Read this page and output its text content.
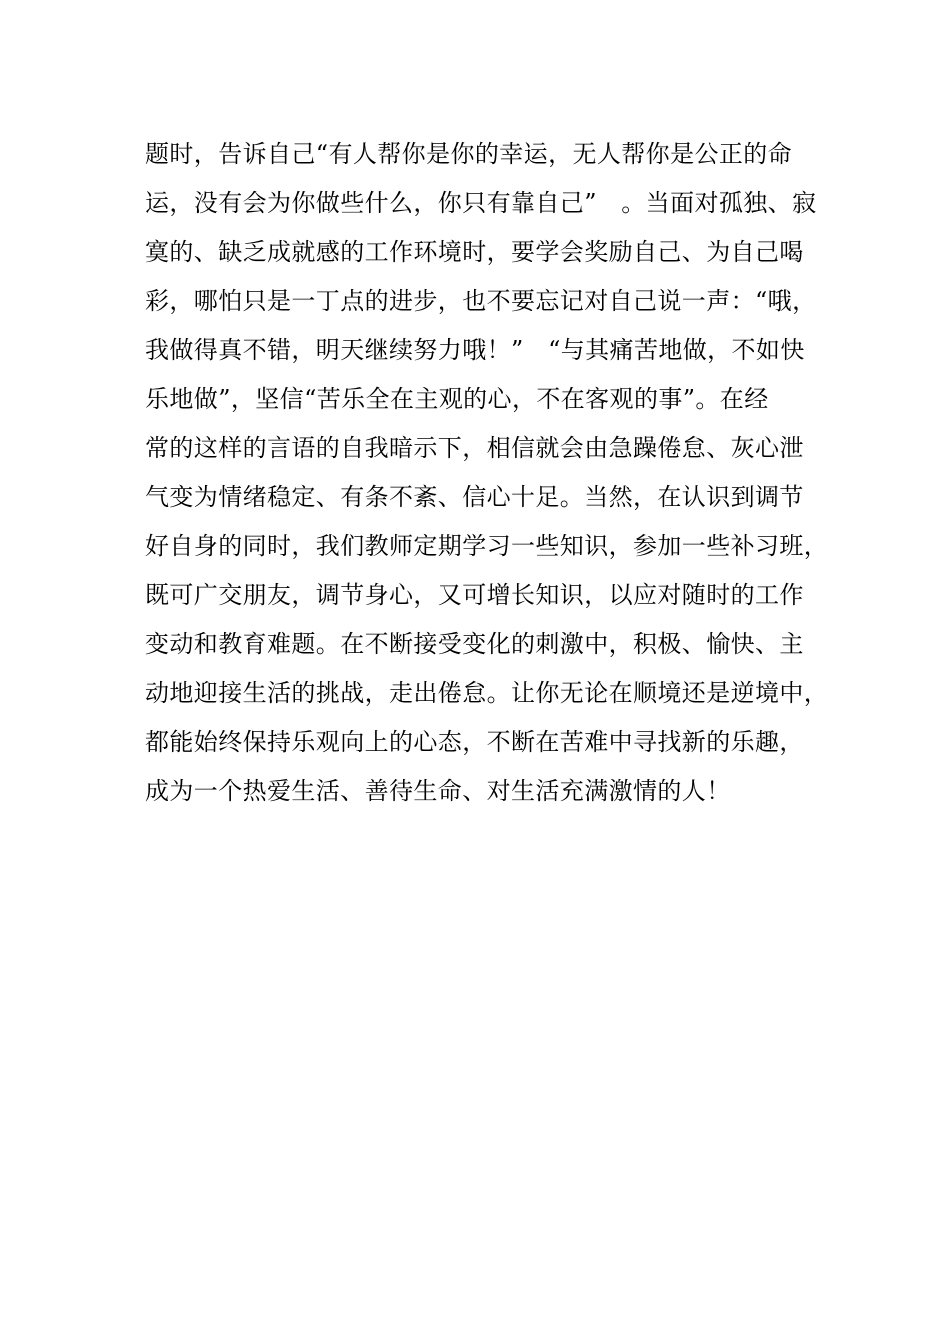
题时，告诉自己“有人帮你是你的幸运，无人帮你是公正的命
运，没有会为你做些什么，你只有靠自己”　。当面对孤独、寂
寞的、缺乏成就感的工作环境时，要学会奖励自己、为自己喝
彩，哪怕只是一丁点的进步，也不要忘记对自己说一声：“哦，
我做得真不错，明天继续努力哦！”　“与其痛苦地做，不如快
乐地做”，坚信“苦乐全在主观的心，不在客观的事”。在经
常的这样的言语的自我暗示下，相信就会由急躁倦怠、灰心泄
气变为情绪稳定、有条不紊、信心十足。当然，在认识到调节
好自身的同时，我们教师定期学习一些知识，参加一些补习班，
既可广交朋友，调节身心，又可增长知识，以应对随时的工作
变动和教育难题。在不断接受变化的刺激中，积极、愉快、主
动地迎接生活的挑战，走出倦怠。让你无论在顺境还是逆境中，
都能始终保持乐观向上的心态，不断在苦难中寻找新的乐趣，
成为一个热爱生活、善待生命、对生活充满激情的人！
